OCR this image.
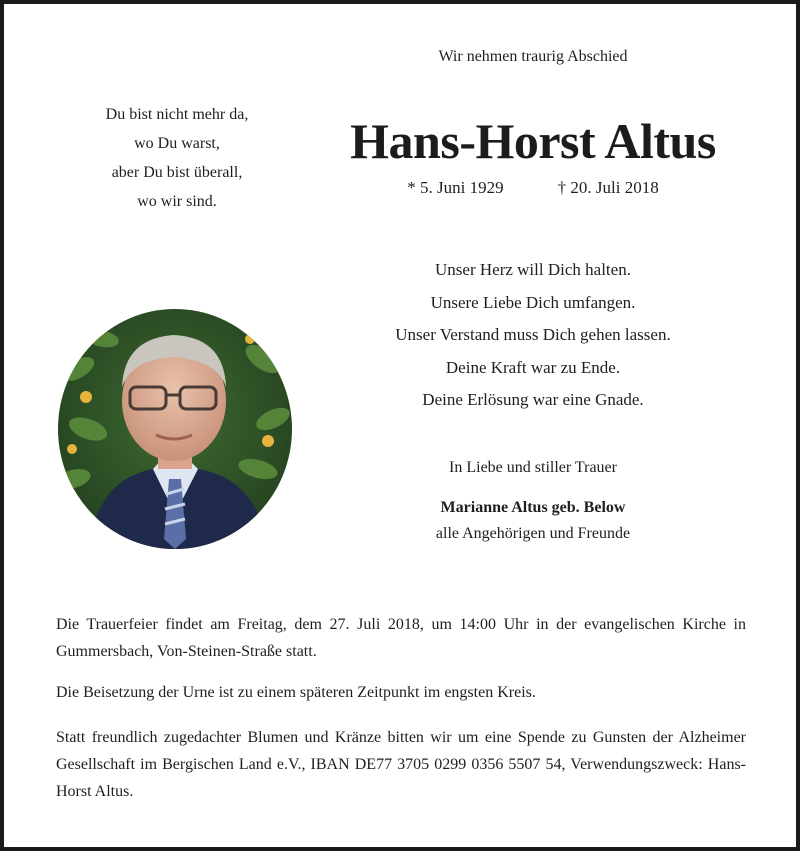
Wir nehmen traurig Abschied
Du bist nicht mehr da,
wo Du warst,
aber Du bist überall,
wo wir sind.
Hans-Horst Altus
* 5. Juni 1929	† 20. Juli 2018
Unser Herz will Dich halten.
Unsere Liebe Dich umfangen.
Unser Verstand muss Dich gehen lassen.
Deine Kraft war zu Ende.
Deine Erlösung war eine Gnade.
In Liebe und stiller Trauer
Marianne Altus geb. Below
alle Angehörigen und Freunde
Die Trauerfeier findet am Freitag, dem 27. Juli 2018, um 14:00 Uhr in der evangelischen Kirche in Gummersbach, Von-Steinen-Straße statt.
Die Beisetzung der Urne ist zu einem späteren Zeitpunkt im engsten Kreis.
Statt freundlich zugedachter Blumen und Kränze bitten wir um eine Spende zu Gunsten der Alzheimer Gesellschaft im Bergischen Land e.V., IBAN DE77 3705 0299 0356 5507 54, Verwendungszweck: Hans-Horst Altus.
